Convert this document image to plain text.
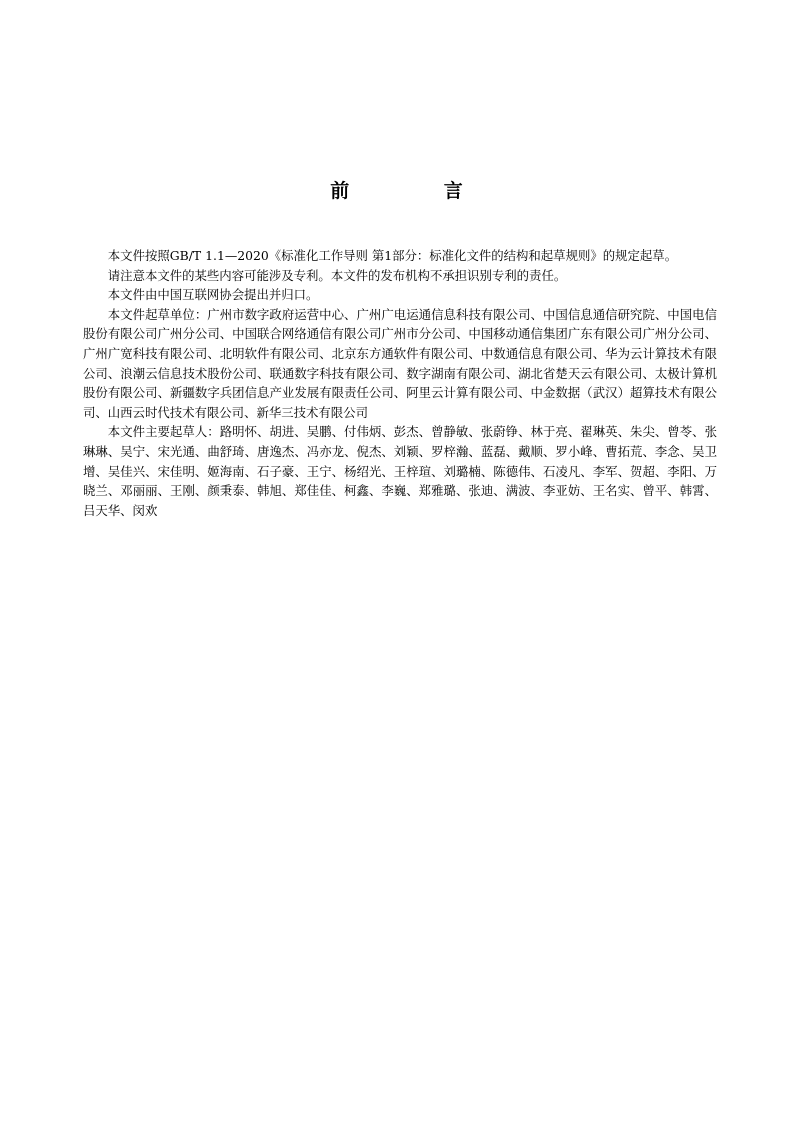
前 言

本文件按照GB/T 1.1—2020《标准化工作导则 第1部分：标准化文件的结构和起草规则》的规定起草。

请注意本文件的某些内容可能涉及专利。本文件的发布机构不承担识别专利的责任。

本文件由中国互联网协会提出并归口。

本文件起草单位：广州市数字政府运营中心、广州广电运通信息科技有限公司、中国信息通信研究院、中国电信股份有限公司广州分公司、中国联合网络通信有限公司广州市分公司、中国移动通信集团广东有限公司广州分公司、广州广宽科技有限公司、北明软件有限公司、北京东方通软件有限公司、中数通信息有限公司、华为云计算技术有限公司、浪潮云信息技术股份公司、联通数字科技有限公司、数字湖南有限公司、湖北省楚天云有限公司、太极计算机股份有限公司、新疆数字兵团信息产业发展有限责任公司、阿里云计算有限公司、中金数据（武汉）超算技术有限公司、山西云时代技术有限公司、新华三技术有限公司

本文件主要起草人：路明怀、胡进、吴鹏、付伟炳、彭杰、曾静敏、张蔚铮、林于亮、翟琳英、朱尖、曾苓、张琳琳、吴宁、宋光通、曲舒琦、唐逸杰、冯亦龙、倪杰、刘颖、罗梓瀚、蓝磊、戴顺、罗小峰、曹拓荒、李念、吴卫增、吴佳兴、宋佳明、姬海南、石子豪、王宁、杨绍光、王梓瑄、刘璐楠、陈德伟、石凌凡、李军、贺超、李阳、万晓兰、邓丽丽、王刚、颜秉泰、韩旭、郑佳佳、柯鑫、李巍、郑雅璐、张迪、满波、李亚妨、王名实、曾平、韩霄、吕天华、闵欢
